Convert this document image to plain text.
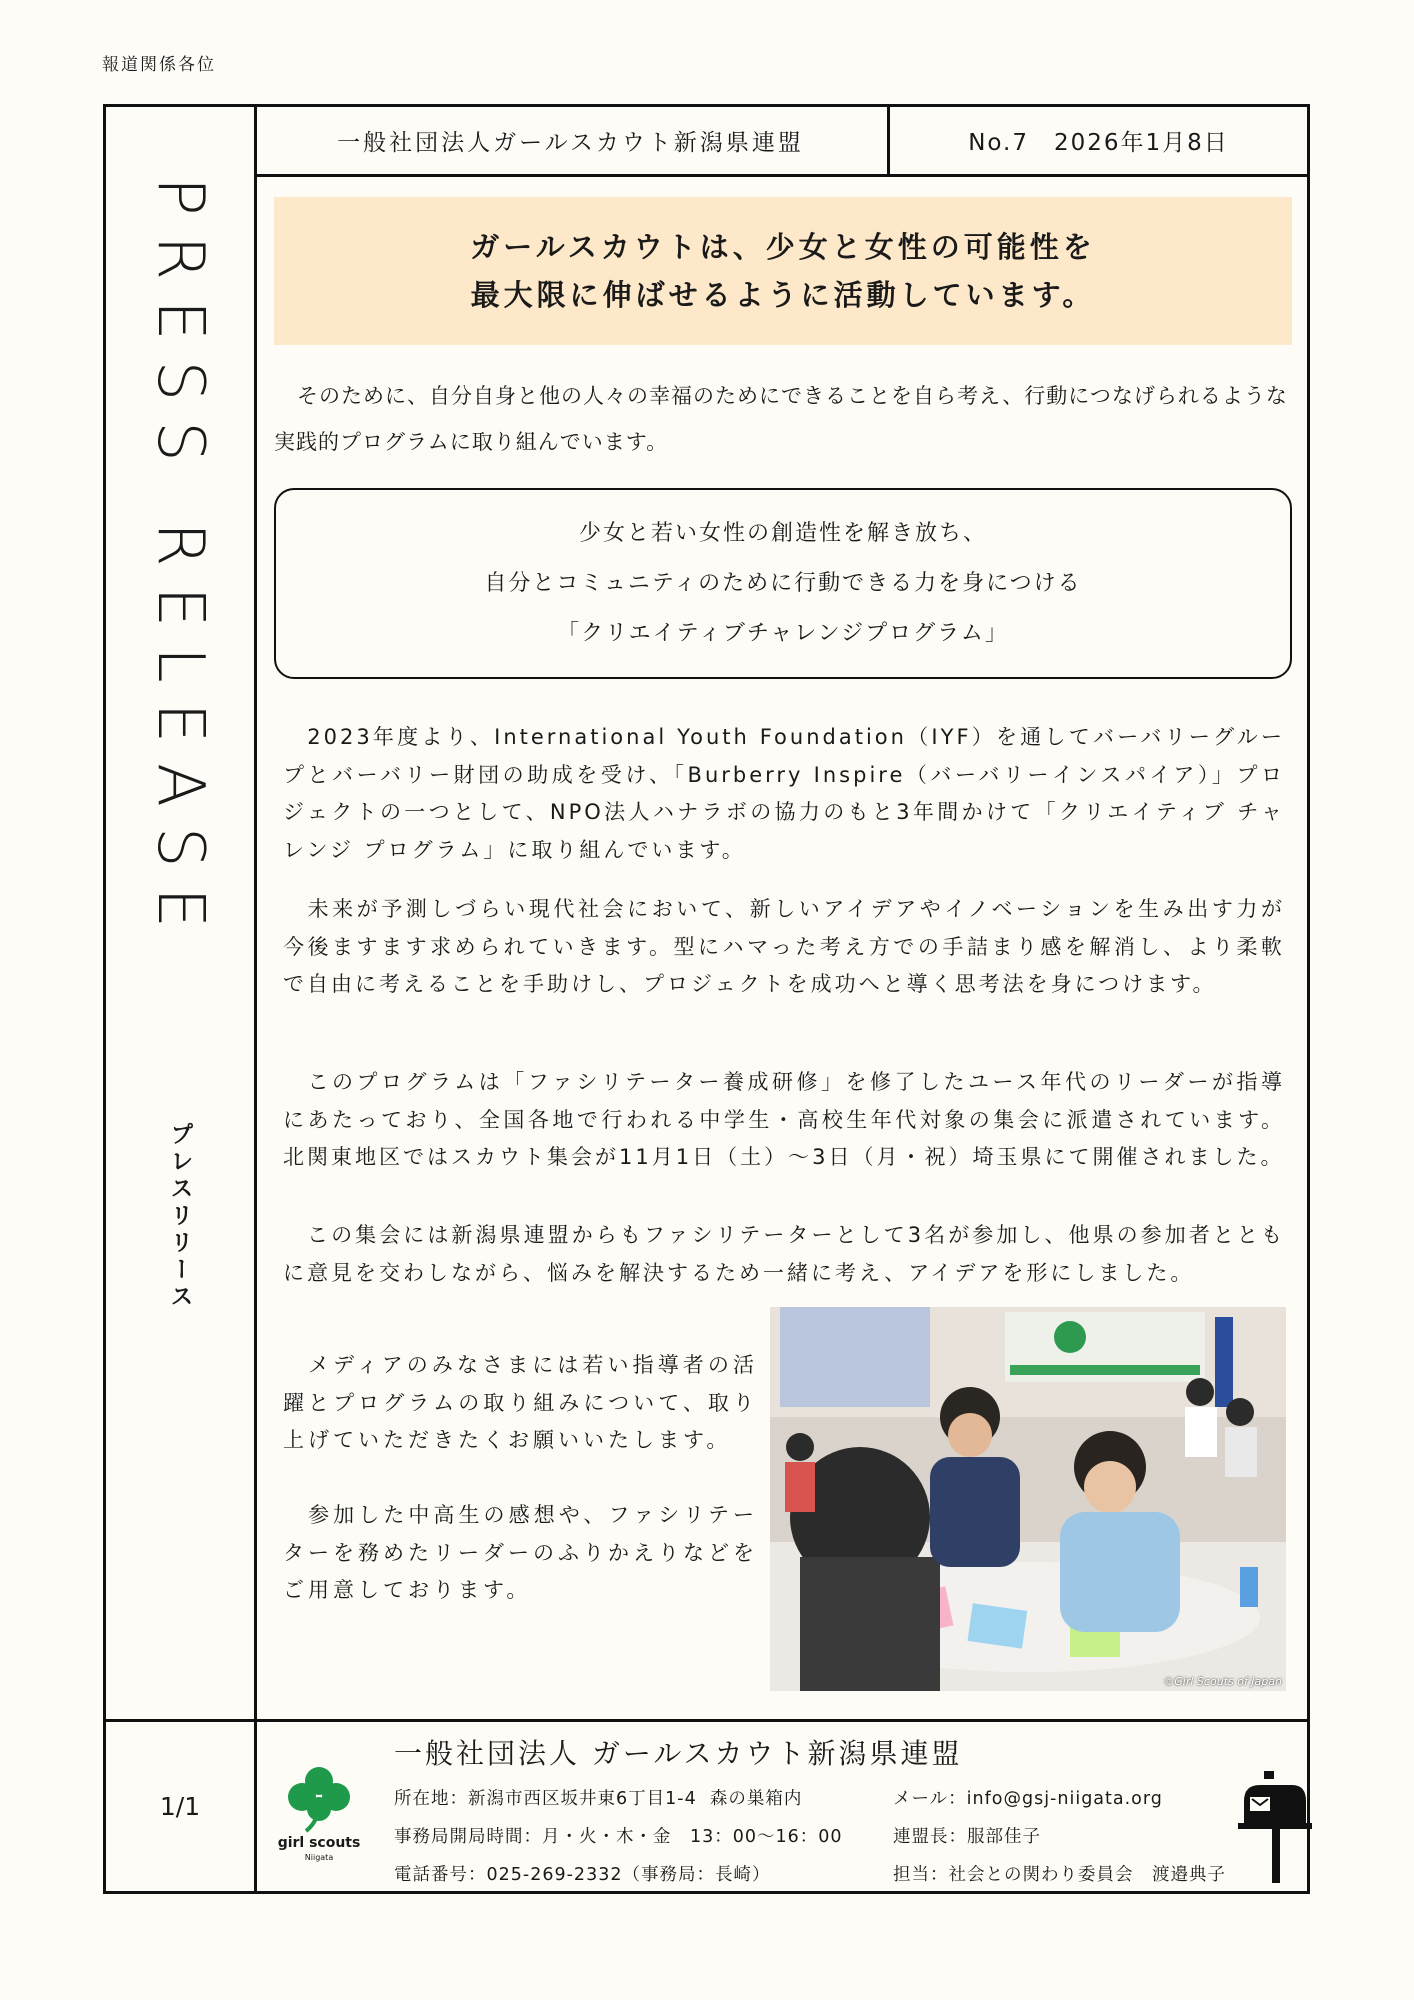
報道関係各位
一般社団法人ガールスカウト新潟県連盟	No.7　2026年1月8日
PRESS RELEASE
プレスリリース
1/1
ガールスカウトは、少女と女性の可能性を
最大限に伸ばせるように活動しています。
そのために、自分自身と他の人々の幸福のためにできることを自ら考え、行動につなげられるような実践的プログラムに取り組んでいます。
少女と若い女性の創造性を解き放ち、
自分とコミュニティのために行動できる力を身につける
「クリエイティブチャレンジプログラム」

　2023年度より、International Youth Foundation（IYF）を通してバーバリーグループとバーバリー財団の助成を受け、「Burberry Inspire（バーバリーインスパイア）」プロジェクトの一つとして、NPO法人ハナラボの協力のもと3年間かけて「クリエイティブ チャレンジ プログラム」に取り組んでいます。

　未来が予測しづらい現代社会において、新しいアイデアやイノベーションを生み出す力が今後ますます求められていきます。型にハマった考え方での手詰まり感を解消し、より柔軟で自由に考えることを手助けし、プロジェクトを成功へと導く思考法を身につけます。

　このプログラムは「ファシリテーター養成研修」を修了したユース年代のリーダーが指導にあたっており、全国各地で行われる中学生・高校生年代対象の集会に派遣されています。北関東地区ではスカウト集会が11月1日（土）〜3日（月・祝）埼玉県にて開催されました。

　この集会には新潟県連盟からもファシリテーターとして3名が参加し、他県の参加者とともに意見を交わしながら、悩みを解決するため一緒に考え、アイデアを形にしました。

　メディアのみなさまには若い指導者の活躍とプログラムの取り組みについて、取り上げていただきたくお願いいたします。

　参加した中高生の感想や、ファシリテーターを務めたリーダーのふりかえりなどをご用意しております。

©Girl Scouts of Japan
girl scouts
Niigata
一般社団法人 ガールスカウト新潟県連盟
所在地：新潟市西区坂井東6丁目1-4  森の巣箱内
事務局開局時間：月・火・木・金　13：00〜16：00
電話番号：025-269-2332（事務局：長崎）
メール：info@gsj-niigata.org
連盟長：服部佳子
担当：社会との関わり委員会　渡邉典子
